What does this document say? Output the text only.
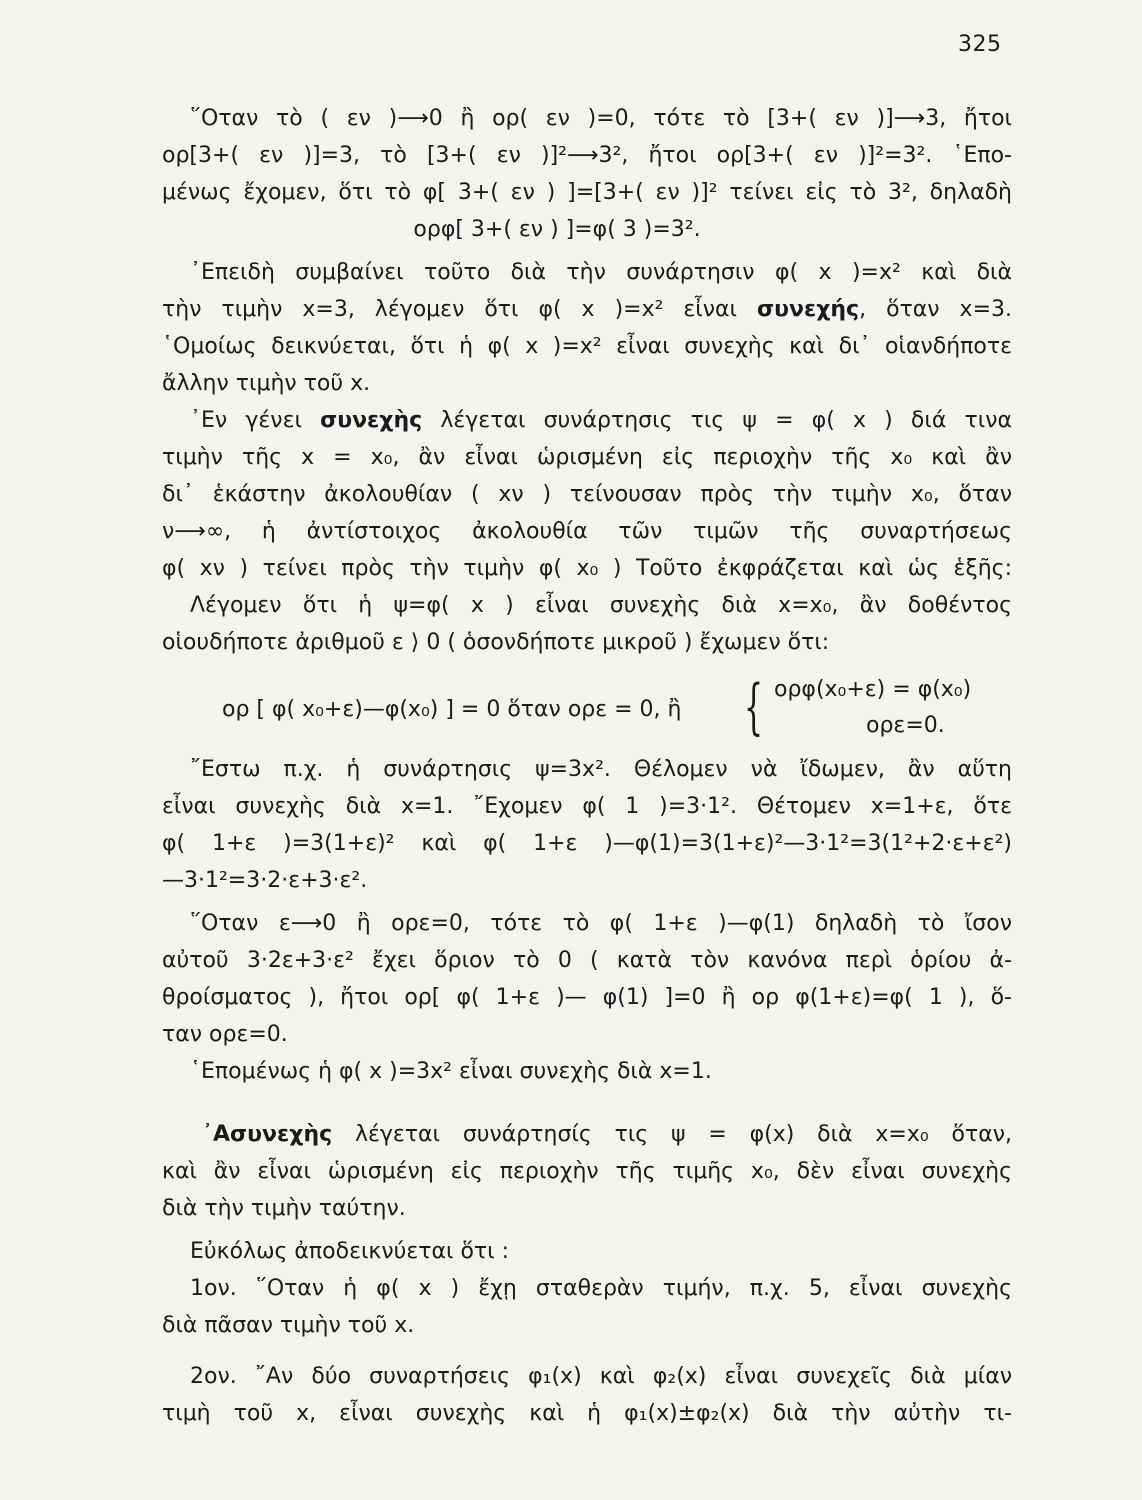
325
῞Οταν τὸ ( εν )⟶0 ἢ ορ( εν )=0, τότε τὸ [3+( εν )]⟶3, ἤτοι
ορ[3+( εν )]=3, τὸ [3+( εν )]²⟶3², ἤτοι ορ[3+( εν )]²=3². ῾Επο-
μένως ἔχομεν, ὅτι τὸ φ[ 3+( εν ) ]=[3+( εν )]² τείνει εἰς τὸ 3², δηλαδὴ
ορφ[ 3+( εν ) ]=φ( 3 )=3².
᾿Επειδὴ συμβαίνει τοῦτο διὰ τὴν συνάρτησιν φ( x )=x² καὶ διὰ
τὴν τιμὴν x=3, λέγομεν ὅτι φ( x )=x² εἶναι συνεχής, ὅταν x=3.
῾Ομοίως δεικνύεται, ὅτι ἡ φ( x )=x² εἶναι συνεχὴς καὶ δι᾿ οἱανδήποτε
ἄλλην τιμὴν τοῦ x.
᾿Εν γένει συνεχὴς λέγεται συνάρτησις τις ψ = φ( x ) διά τινα
τιμὴν τῆς x = x₀, ἂν εἶναι ὡρισμένη εἰς περιοχὴν τῆς x₀ καὶ ἂν
δι᾿ ἑκάστην ἀκολουθίαν ( xν ) τείνουσαν πρὸς τὴν τιμὴν x₀, ὅταν
ν⟶∞, ἡ ἀντίστοιχος ἀκολουθία τῶν τιμῶν τῆς συναρτήσεως
φ( xν ) τείνει πρὸς τὴν τιμὴν φ( x₀ ) Τοῦτο ἐκφράζεται καὶ ὡς ἑξῆς:
Λέγομεν ὅτι ἡ ψ=φ( x ) εἶναι συνεχὴς διὰ x=x₀, ἂν δοθέντος
οἱουδήποτε ἀριθμοῦ ε ⟩ 0 ( ὁσονδήποτε μικροῦ ) ἔχωμεν ὅτι:
ορ [ φ( x₀+ε)—φ(x₀) ] = 0 ὅταν ορε = 0, ἢ { ορφ(x₀+ε) = φ(x₀)
ορε=0.
῎Εστω π.χ. ἡ συνάρτησις ψ=3x². Θέλομεν νὰ ἴδωμεν, ἂν αὕτη
εἶναι συνεχὴς διὰ x=1. ῎Εχομεν φ( 1 )=3·1². Θέτομεν x=1+ε, ὅτε
φ( 1+ε )=3(1+ε)² καὶ φ( 1+ε )—φ(1)=3(1+ε)²—3·1²=3(1²+2·ε+ε²)
—3·1²=3·2·ε+3·ε².
῞Οταν ε⟶0 ἢ ορε=0, τότε τὸ φ( 1+ε )—φ(1) δηλαδὴ τὸ ἴσον
αὐτοῦ 3·2ε+3·ε² ἔχει ὅριον τὸ 0 ( κατὰ τὸν κανόνα περὶ ὁρίου ἀ-
θροίσματος ), ἤτοι ορ[ φ( 1+ε )— φ(1) ]=0 ἢ ορ φ(1+ε)=φ( 1 ), ὅ-
ταν ορε=0.
῾Επομένως ἡ φ( x )=3x² εἶναι συνεχὴς διὰ x=1.
᾿Ασυνεχὴς λέγεται συνάρτησίς τις ψ = φ(x) διὰ x=x₀ ὅταν,
καὶ ἂν εἶναι ὡρισμένη εἰς περιοχὴν τῆς τιμῆς x₀, δὲν εἶναι συνεχὴς
διὰ τὴν τιμὴν ταύτην.
Εὐκόλως ἀποδεικνύεται ὅτι :
1ον. ῞Οταν ἡ φ( x ) ἔχῃ σταθερὰν τιμήν, π.χ. 5, εἶναι συνεχὴς
διὰ πᾶσαν τιμὴν τοῦ x.
2ον. ῎Αν δύο συναρτήσεις φ₁(x) καὶ φ₂(x) εἶναι συνεχεῖς διὰ μίαν
τιμὴ τοῦ x, εἶναι συνεχὴς καὶ ἡ φ₁(x)±φ₂(x) διὰ τὴν αὐτὴν τι-
